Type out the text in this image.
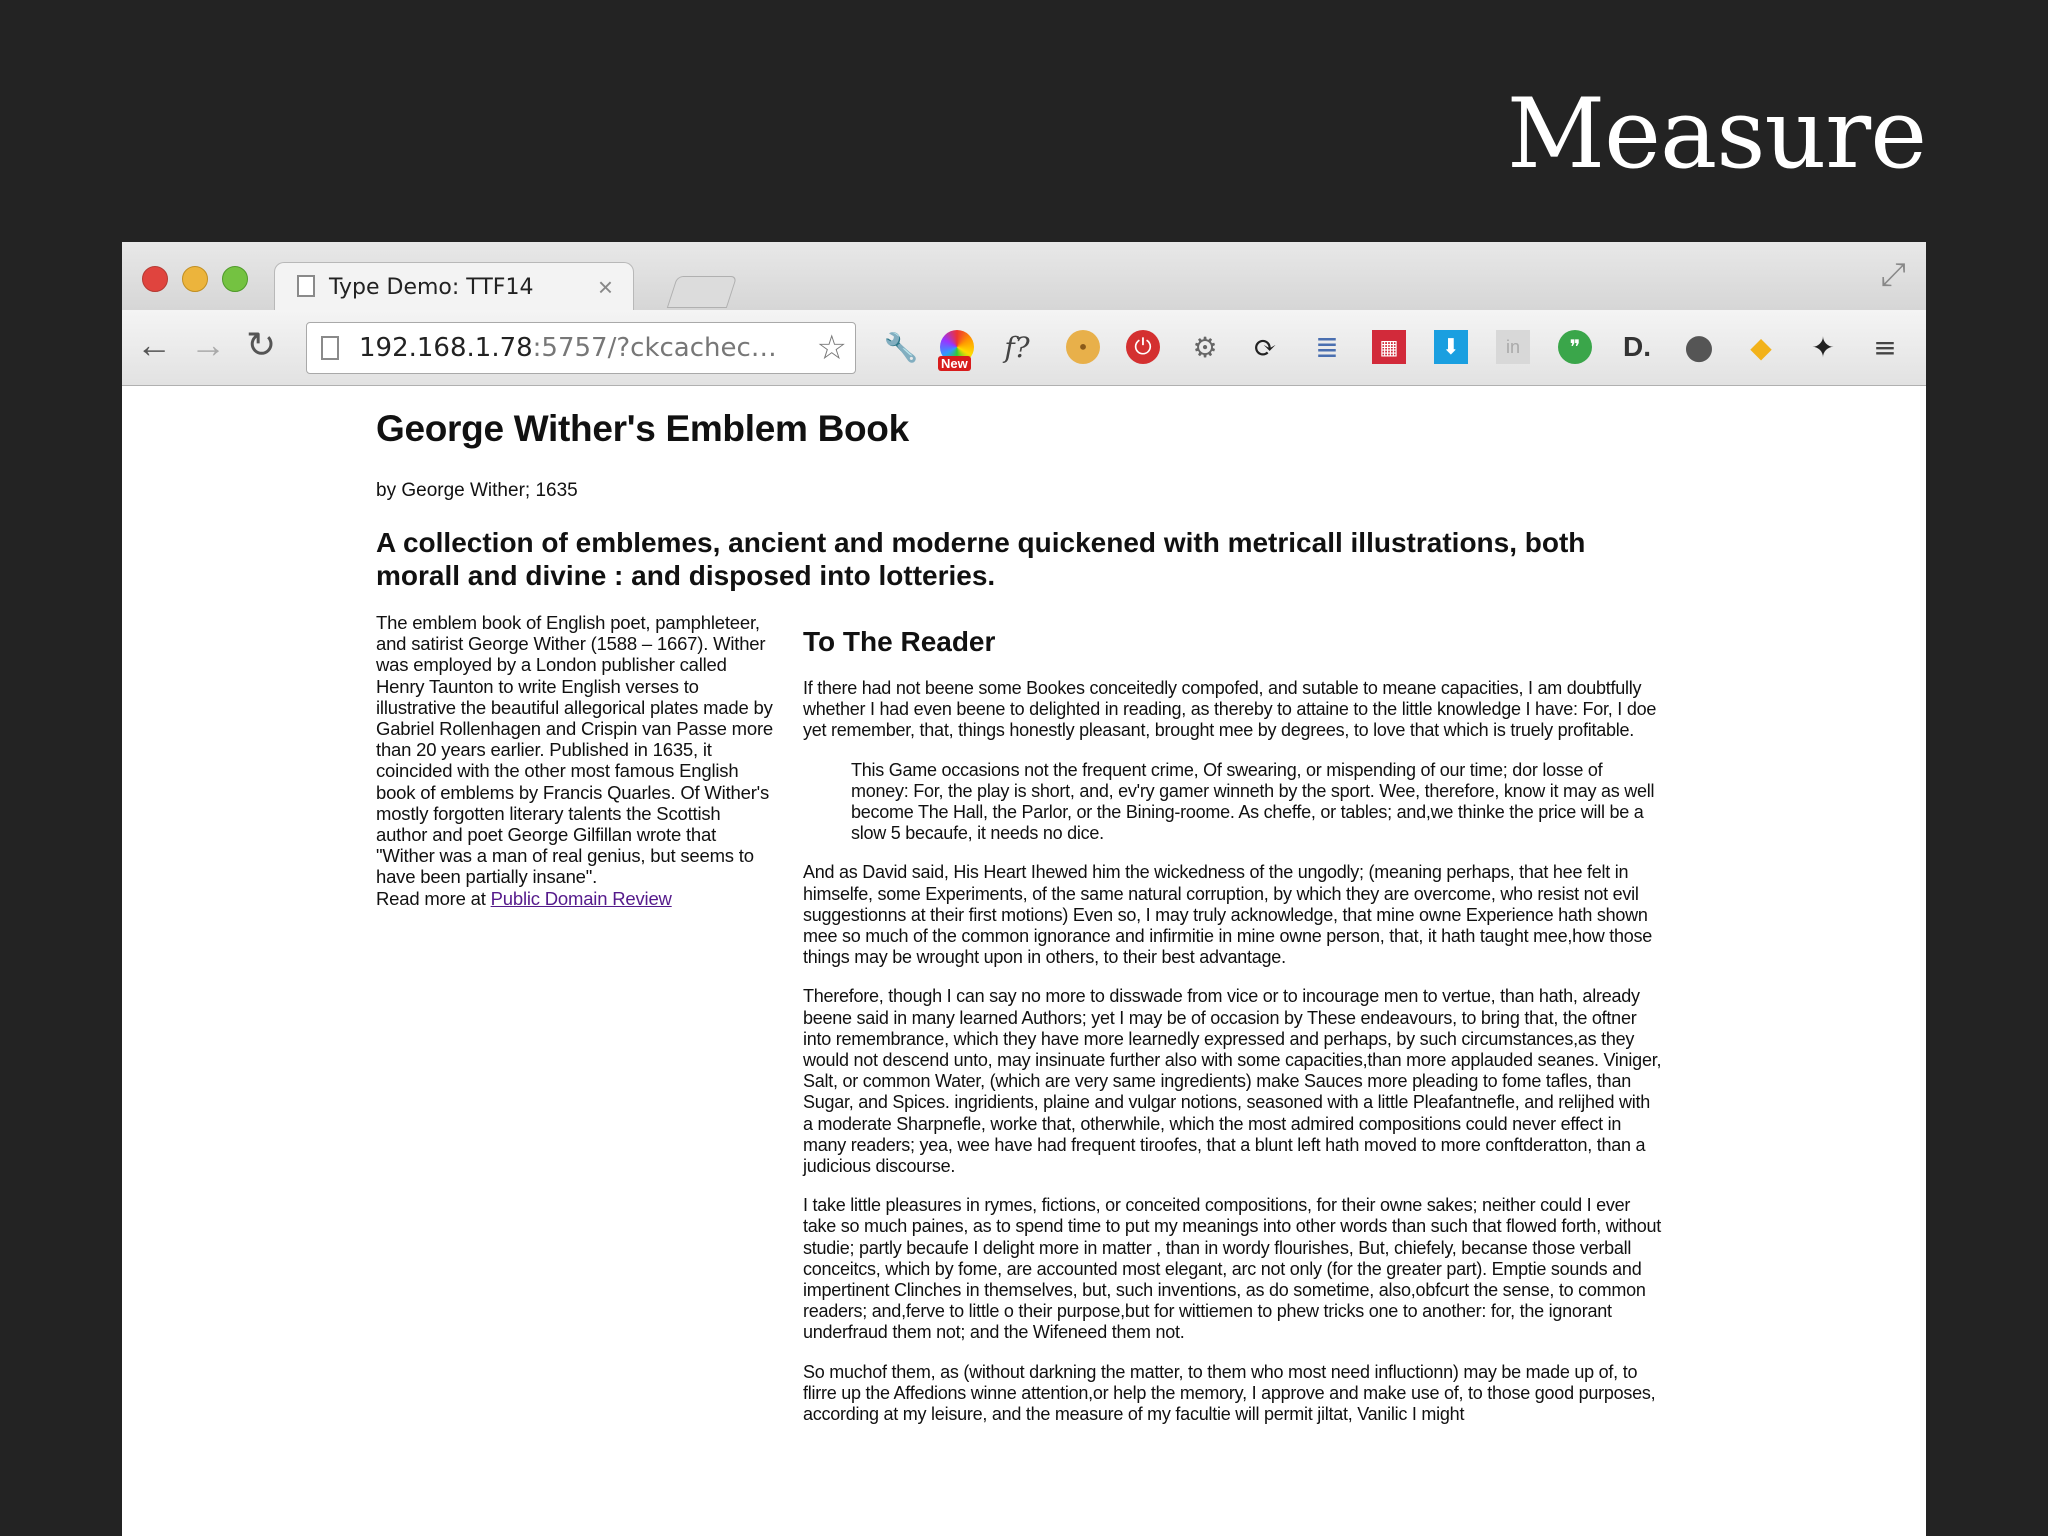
Measure
Type Demo: TTF14 ×	⤢
← → ↻	192.168.1.78:5757/?ckcachec… ☆ 🔧 New f?	•	⏻ ⚙ ⟳ ≣	▦	⬇	in	❞	D. ● ◆ ✦ ≡
George Wither's Emblem Book
by George Wither; 1635
A collection of emblemes, ancient and moderne quickened with metricall illustrations, both morall and divine : and disposed into lotteries.
The emblem book of English poet, pamphleteer, and satirist George Wither (1588 – 1667). Wither was employed by a London publisher called Henry Taunton to write English verses to illustrative the beautiful allegorical plates made by Gabriel Rollenhagen and Crispin van Passe more than 20 years earlier. Published in 1635, it coincided with the other most famous English book of emblems by Francis Quarles. Of Wither's mostly forgotten literary talents the Scottish author and poet George Gilfillan wrote that "Wither was a man of real genius, but seems to have been partially insane".
Read more at Public Domain Review
To The Reader

If there had not beene some Bookes conceitedly compofed, and sutable to meane capacities, I am doubtfully whether I had even beene to delighted in reading, as thereby to attaine to the little knowledge I have: For, I doe yet remember, that, things honestly pleasant, brought mee by degrees, to love that which is truely profitable.

This Game occasions not the frequent crime, Of swearing, or mispending of our time; dor losse of money: For, the play is short, and, ev'ry gamer winneth by the sport. Wee, therefore, know it may as well become The Hall, the Parlor, or the Bining-roome. As cheffe, or tables; and,we thinke the price will be a slow 5 becaufe, it needs no dice.

And as David said, His Heart Ihewed him the wickedness of the ungodly; (meaning perhaps, that hee felt in himselfe, some Experiments, of the same natural corruption, by which they are overcome, who resist not evil suggestionns at their first motions) Even so, I may truly acknowledge, that mine owne Experience hath shown mee so much of the common ignorance and infirmitie in mine owne person, that, it hath taught mee,how those things may be wrought upon in others, to their best advantage.

Therefore, though I can say no more to disswade from vice or to incourage men to vertue, than hath, already beene said in many learned Authors; yet I may be of occasion by These endeavours, to bring that, the oftner into remembrance, which they have more learnedly expressed and perhaps, by such circumstances,as they would not descend unto, may insinuate further also with some capacities,than more applauded seanes. Viniger, Salt, or common Water, (which are very same ingredients) make Sauces more pleading to fome tafles, than Sugar, and Spices. ingridients, plaine and vulgar notions, seasoned with a little Pleafantnefle, and relijhed with a moderate Sharpnefle, worke that, otherwhile, which the most admired compositions could never effect in many readers; yea, wee have had frequent tiroofes, that a blunt left hath moved to more conftderatton, than a judicious discourse.

I take little pleasures in rymes, fictions, or conceited compositions, for their owne sakes; neither could I ever take so much paines, as to spend time to put my meanings into other words than such that flowed forth, without studie; partly becaufe I delight more in matter , than in wordy flourishes, But, chiefely, becanse those verball conceitcs, which by fome, are accounted most elegant, arc not only (for the greater part). Emptie sounds and impertinent Clinches in themselves, but, such inventions, as do sometime, also,obfcurt the sense, to common readers; and,ferve to little o their purpose,but for wittiemen to phew tricks one to another: for, the ignorant underfraud them not; and the Wifeneed them not.

So muchof them, as (without darkning the matter, to them who most need influctionn) may be made up of, to flirre up the Affedions winne attention,or help the memory, I approve and make use of, to those good purposes, according at my leisure, and the measure of my facultie will permit jiltat, Vanilic I might
